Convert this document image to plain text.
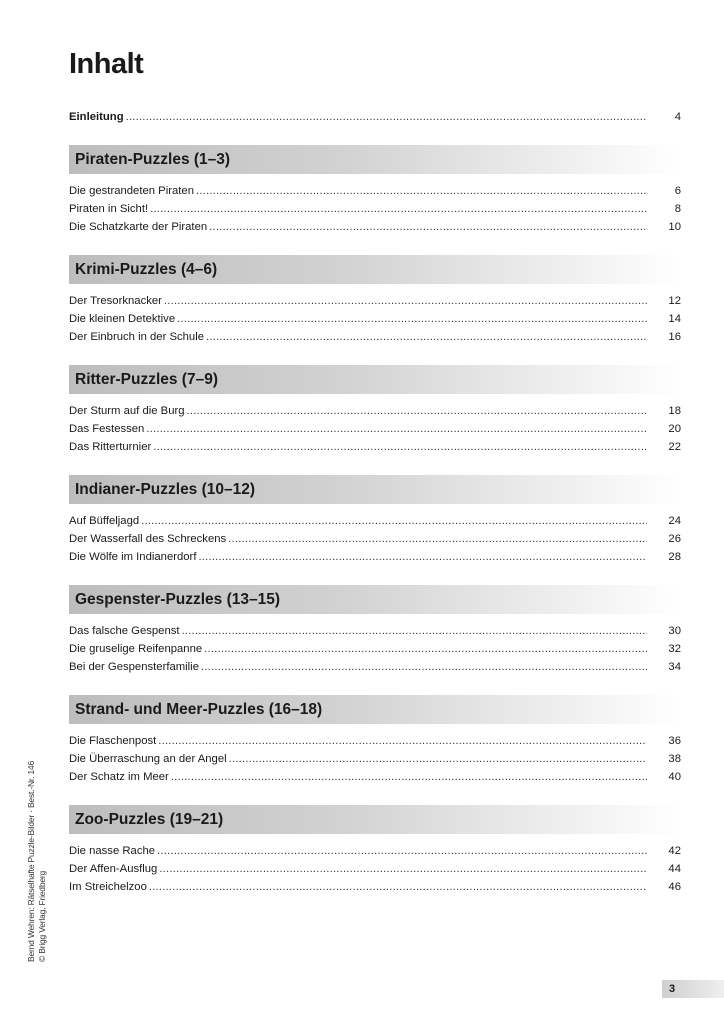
Inhalt
Einleitung .....	4
Piraten-Puzzles (1–3)
Die gestrandeten Piraten .....	6
Piraten in Sicht! .....	8
Die Schatzkarte der Piraten .....	10
Krimi-Puzzles (4–6)
Der Tresorknacker .....	12
Die kleinen Detektive .....	14
Der Einbruch in der Schule .....	16
Ritter-Puzzles (7–9)
Der Sturm auf die Burg .....	18
Das Festessen .....	20
Das Ritterturnier .....	22
Indianer-Puzzles (10–12)
Auf Büffeljagd .....	24
Der Wasserfall des Schreckens .....	26
Die Wölfe im Indianerdorf .....	28
Gespenster-Puzzles (13–15)
Das falsche Gespenst .....	30
Die gruselige Reifenpanne .....	32
Bei der Gespensterfamilie .....	34
Strand- und Meer-Puzzles (16–18)
Die Flaschenpost .....	36
Die Überraschung an der Angel .....	38
Der Schatz im Meer .....	40
Zoo-Puzzles (19–21)
Die nasse Rache .....	42
Der Affen-Ausflug .....	44
Im Streichelzoo .....	46
Bernd Wehren: Rätselhafte Puzzle-Bilder · Best.-Nr. 146 © Brigg Verlag, Friedberg
3
